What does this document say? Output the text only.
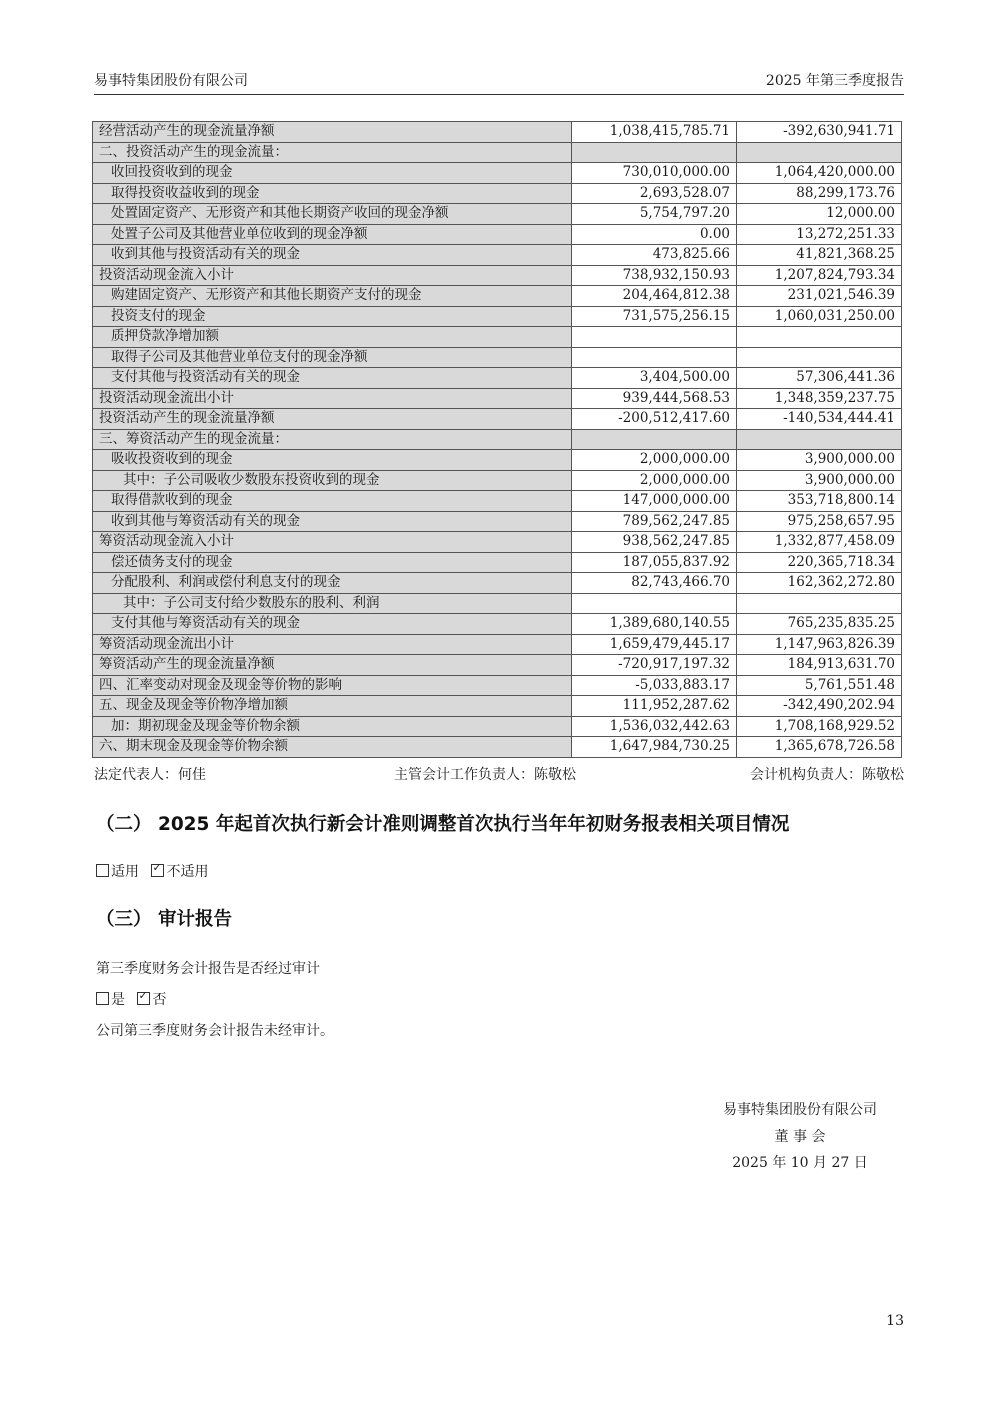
易事特集团股份有限公司	2025 年第三季度报告
经营活动产生的现金流量净额	1,038,415,785.71	-392,630,941.71
二、投资活动产生的现金流量：		
收回投资收到的现金	730,010,000.00	1,064,420,000.00
取得投资收益收到的现金	2,693,528.07	88,299,173.76
处置固定资产、无形资产和其他长期资产收回的现金净额	5,754,797.20	12,000.00
处置子公司及其他营业单位收到的现金净额	0.00	13,272,251.33
收到其他与投资活动有关的现金	473,825.66	41,821,368.25
投资活动现金流入小计	738,932,150.93	1,207,824,793.34
购建固定资产、无形资产和其他长期资产支付的现金	204,464,812.38	231,021,546.39
投资支付的现金	731,575,256.15	1,060,031,250.00
质押贷款净增加额		
取得子公司及其他营业单位支付的现金净额		
支付其他与投资活动有关的现金	3,404,500.00	57,306,441.36
投资活动现金流出小计	939,444,568.53	1,348,359,237.75
投资活动产生的现金流量净额	-200,512,417.60	-140,534,444.41
三、筹资活动产生的现金流量：		
吸收投资收到的现金	2,000,000.00	3,900,000.00
其中：子公司吸收少数股东投资收到的现金	2,000,000.00	3,900,000.00
取得借款收到的现金	147,000,000.00	353,718,800.14
收到其他与筹资活动有关的现金	789,562,247.85	975,258,657.95
筹资活动现金流入小计	938,562,247.85	1,332,877,458.09
偿还债务支付的现金	187,055,837.92	220,365,718.34
分配股利、利润或偿付利息支付的现金	82,743,466.70	162,362,272.80
其中：子公司支付给少数股东的股利、利润		
支付其他与筹资活动有关的现金	1,389,680,140.55	765,235,835.25
筹资活动现金流出小计	1,659,479,445.17	1,147,963,826.39
筹资活动产生的现金流量净额	-720,917,197.32	184,913,631.70
四、汇率变动对现金及现金等价物的影响	-5,033,883.17	5,761,551.48
五、现金及现金等价物净增加额	111,952,287.62	-342,490,202.94
加：期初现金及现金等价物余额	1,536,032,442.63	1,708,168,929.52
六、期末现金及现金等价物余额	1,647,984,730.25	1,365,678,726.58
法定代表人：何佳	主管会计工作负责人：陈敬松	会计机构负责人：陈敬松
（二） 2025 年起首次执行新会计准则调整首次执行当年年初财务报表相关项目情况
适用 ✓ 不适用
（三） 审计报告
第三季度财务会计报告是否经过审计
是 ✓ 否
公司第三季度财务会计报告未经审计。
易事特集团股份有限公司
董 事 会
2025 年 10 月 27 日
13
